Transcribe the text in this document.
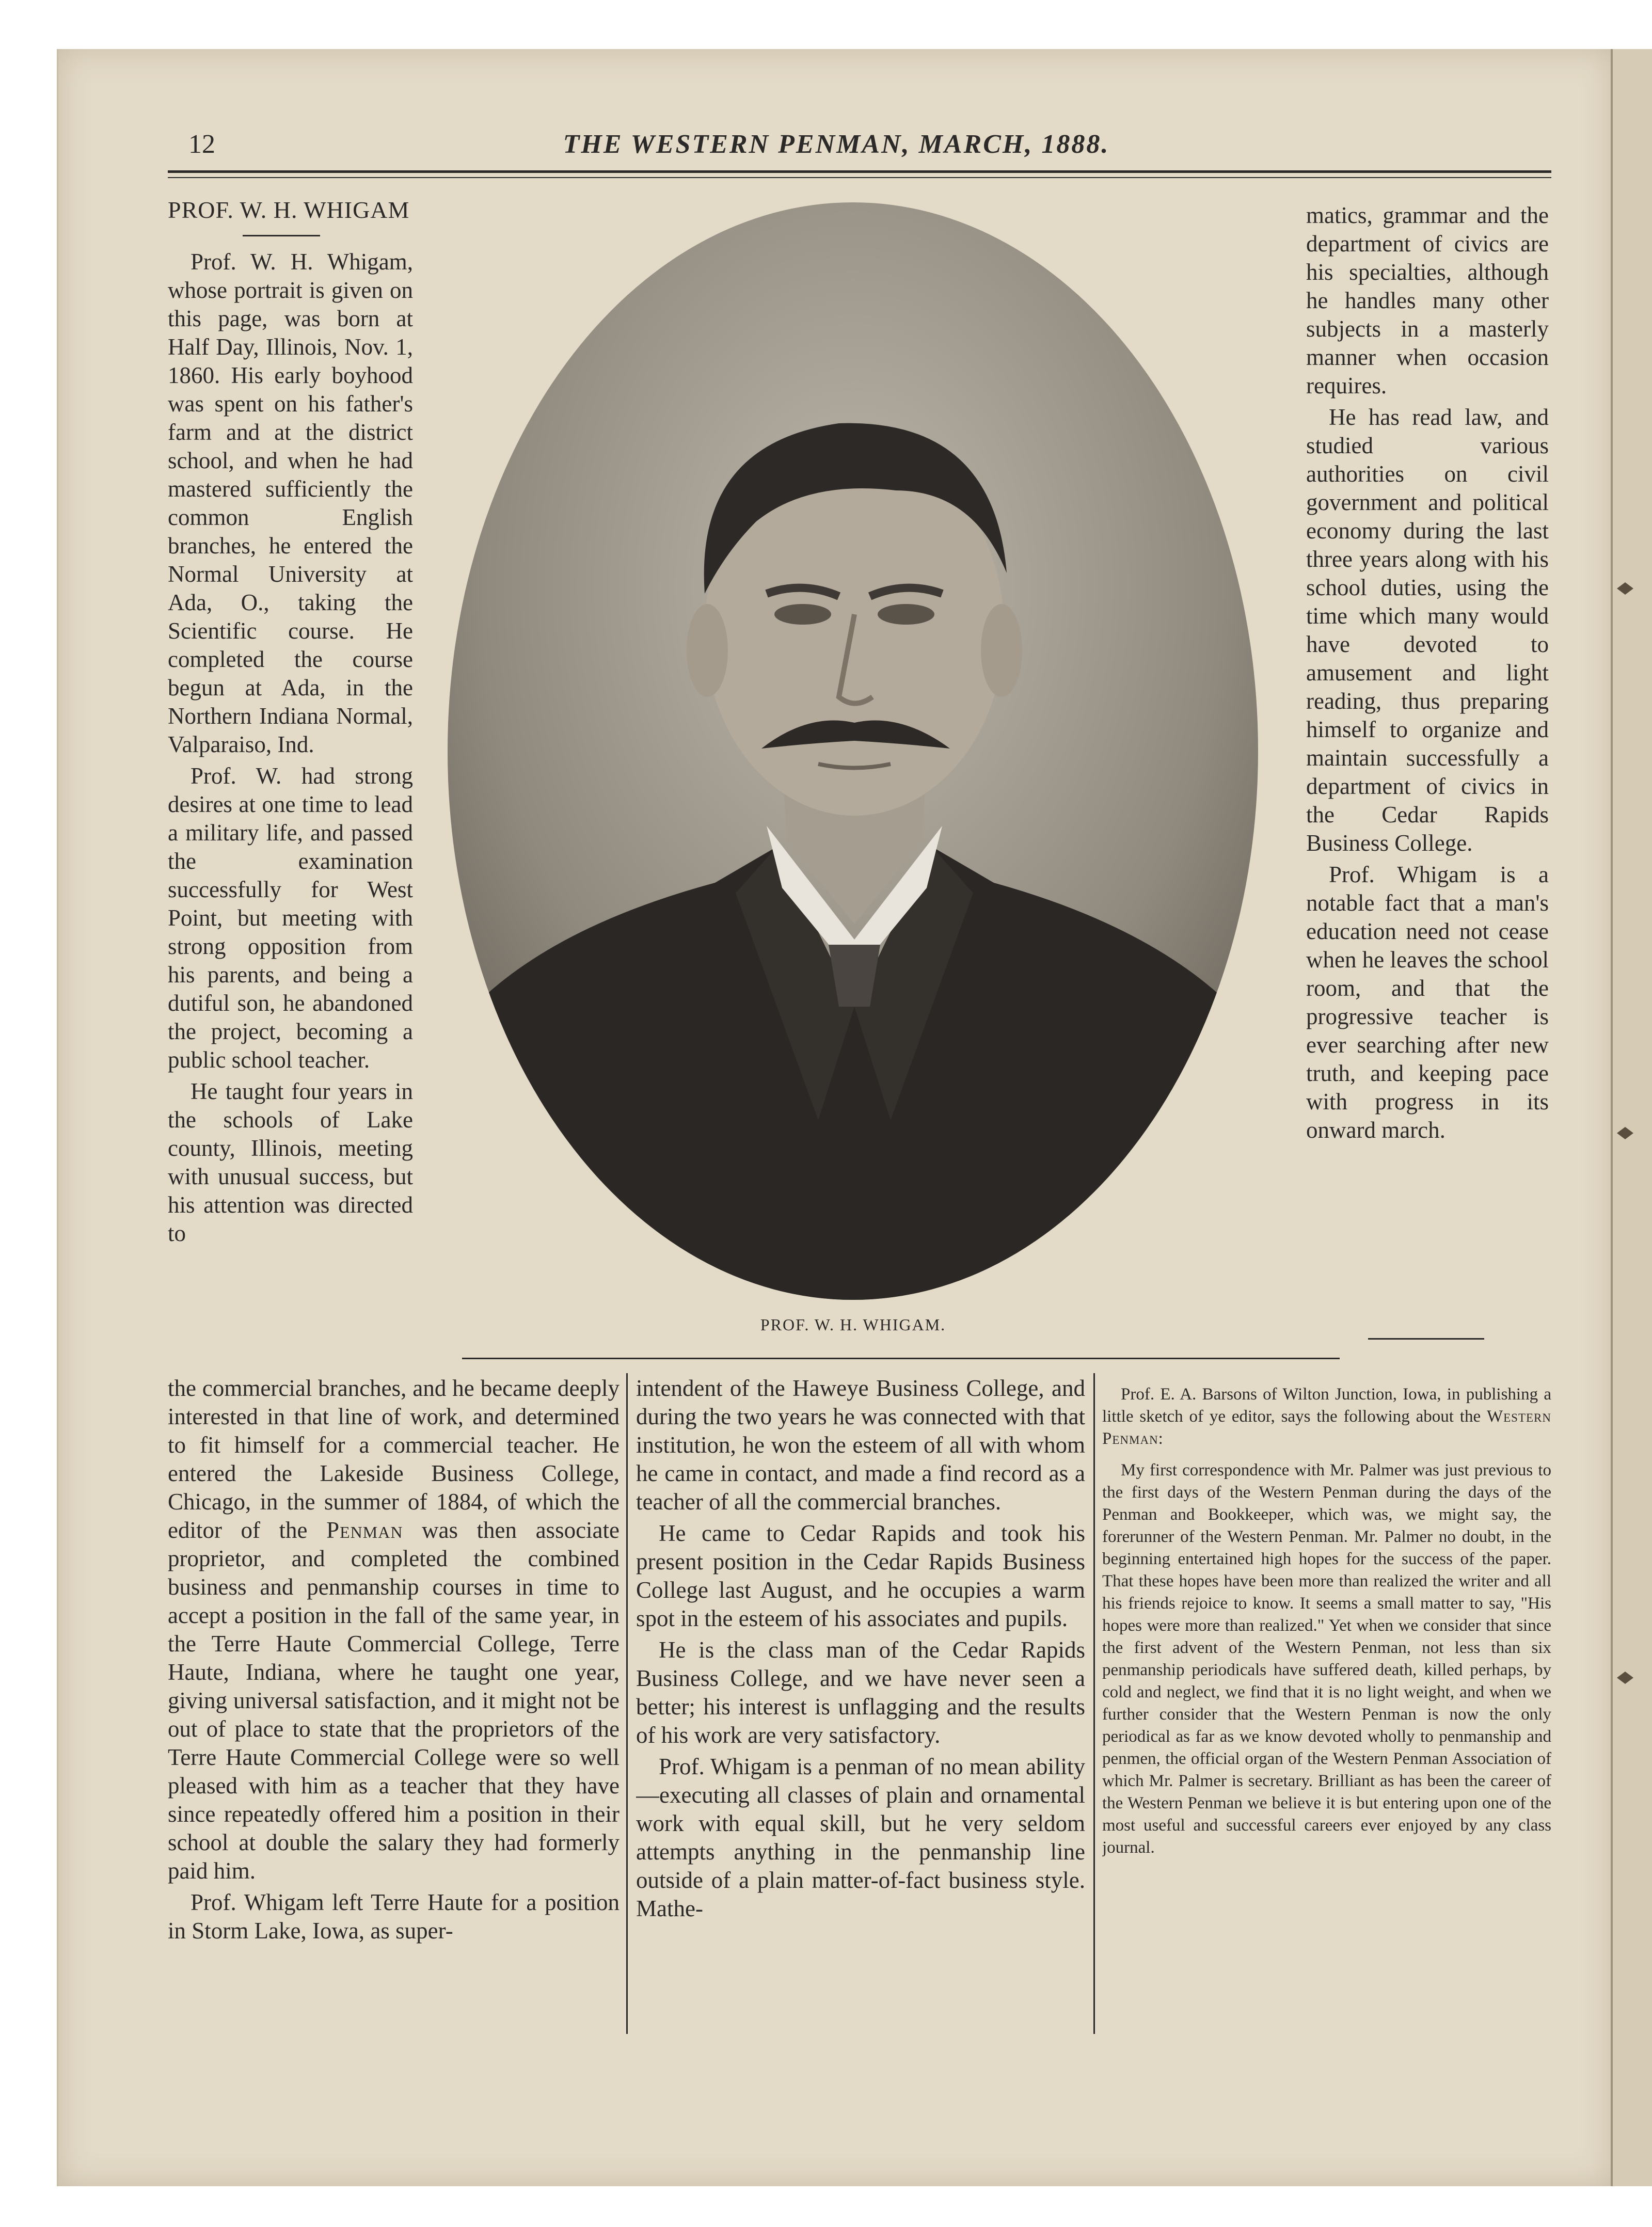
12	THE WESTERN PENMAN, MARCH, 1888.
PROF. W. H. WHIGAM

Prof. W. H. Whigam, whose portrait is given on this page, was born at Half Day, Illinois, Nov. 1, 1860. His early boyhood was spent on his father's farm and at the district school, and when he had mastered sufficiently the common English branches, he entered the Normal University at Ada, O., taking the Scientific course. He completed the course begun at Ada, in the Northern Indiana Normal, Valparaiso, Ind.

Prof. W. had strong desires at one time to lead a military life, and passed the examination successfully for West Point, but meeting with strong opposition from his parents, and being a dutiful son, he abandoned the project, becoming a public school teacher.

He taught four years in the schools of Lake county, Illinois, meeting with unusual success, but his attention was directed to

PROF. W. H. WHIGAM.

matics, grammar and the department of civics are his specialties, although he handles many other subjects in a masterly manner when occasion requires.

He has read law, and studied various authorities on civil government and political economy during the last three years along with his school duties, using the time which many would have devoted to amusement and light reading, thus preparing himself to organize and maintain successfully a department of civics in the Cedar Rapids Business College.

Prof. Whigam is a notable fact that a man's education need not cease when he leaves the school room, and that the progressive teacher is ever searching after new truth, and keeping pace with progress in its onward march.

the commercial branches, and he became deeply interested in that line of work, and determined to fit himself for a commercial teacher. He entered the Lakeside Business College, Chicago, in the summer of 1884, of which the editor of the Penman was then associate proprietor, and completed the combined business and penmanship courses in time to accept a position in the fall of the same year, in the Terre Haute Commercial College, Terre Haute, Indiana, where he taught one year, giving universal satisfaction, and it might not be out of place to state that the proprietors of the Terre Haute Commercial College were so well pleased with him as a teacher that they have since repeatedly offered him a position in their school at double the salary they had formerly paid him.

Prof. Whigam left Terre Haute for a position in Storm Lake, Iowa, as super-

intendent of the Haweye Business College, and during the two years he was connected with that institution, he won the esteem of all with whom he came in contact, and made a find record as a teacher of all the commercial branches.

He came to Cedar Rapids and took his present position in the Cedar Rapids Business College last August, and he occupies a warm spot in the esteem of his associates and pupils.

He is the class man of the Cedar Rapids Business College, and we have never seen a better; his interest is unflagging and the results of his work are very satisfactory.

Prof. Whigam is a penman of no mean ability—executing all classes of plain and ornamental work with equal skill, but he very seldom attempts anything in the penmanship line outside of a plain matter-of-fact business style. Mathe-

Prof. E. A. Barsons of Wilton Junction, Iowa, in publishing a little sketch of ye editor, says the following about the Western Penman:

My first correspondence with Mr. Palmer was just previous to the first days of the Western Penman during the days of the Penman and Bookkeeper, which was, we might say, the forerunner of the Western Penman. Mr. Palmer no doubt, in the beginning entertained high hopes for the success of the paper. That these hopes have been more than realized the writer and all his friends rejoice to know. It seems a small matter to say, "His hopes were more than realized." Yet when we consider that since the first advent of the Western Penman, not less than six penmanship periodicals have suffered death, killed perhaps, by cold and neglect, we find that it is no light weight, and when we further consider that the Western Penman is now the only periodical as far as we know devoted wholly to penmanship and penmen, the official organ of the Western Penman Association of which Mr. Palmer is secretary. Brilliant as has been the career of the Western Penman we believe it is but entering upon one of the most useful and successful careers ever enjoyed by any class journal.
